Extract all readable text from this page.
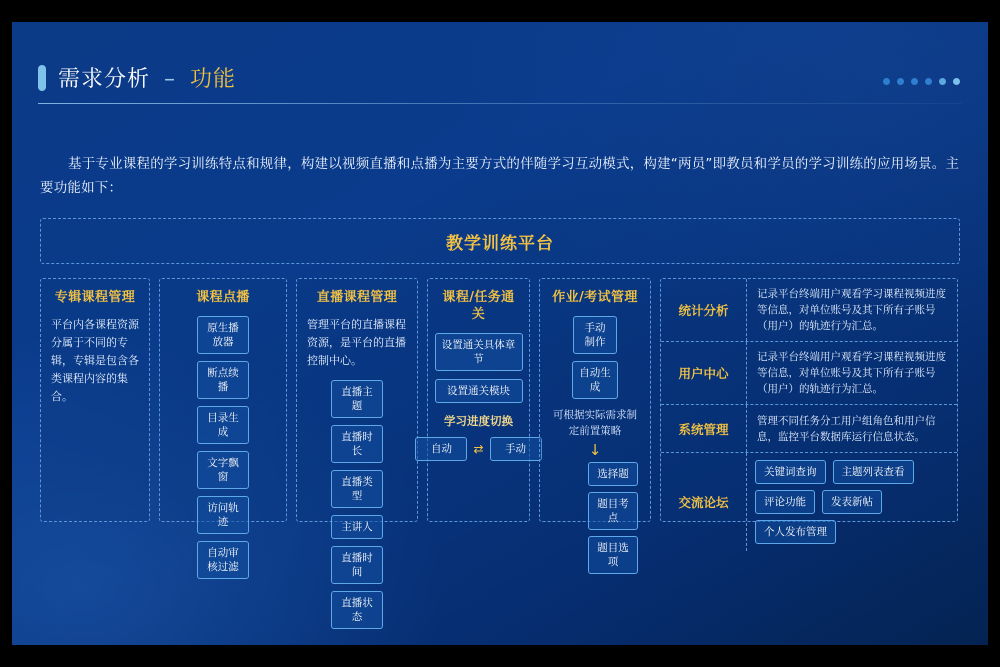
需求分析 – 功能
基于专业课程的学习训练特点和规律，构建以视频直播和点播为主要方式的伴随学习互动模式，构建“两员”即教员和学员的学习训练的应用场景。主要功能如下：
教学训练平台
专辑课程管理
平台内各课程资源分属于不同的专辑，专辑是包含各类课程内容的集合。
课程点播
原生播放器
断点续播
目录生成
文字飘窗
访问轨迹
自动审核过滤
直播课程管理
管理平台的直播课程资源，是平台的直播控制中心。
直播主题
直播时长
直播类型
主讲人
直播时间
直播状态
课程/任务通关
设置通关具体章节
设置通关模块
学习进度切换
自动	⇄	手动
作业/考试管理
手动制作
自动生成
可根据实际需求制定前置策略
↓
选择题
题目考点
题目选项
统计分析
记录平台终端用户观看学习课程视频进度等信息，对单位账号及其下所有子账号（用户）的轨迹行为汇总。
用户中心
记录平台终端用户观看学习课程视频进度等信息，对单位账号及其下所有子账号（用户）的轨迹行为汇总。
系统管理
管理不同任务分工用户组角色和用户信息，监控平台数据库运行信息状态。
交流论坛
关键词查询	主题列表查看
评论功能	发表新帖
个人发布管理
